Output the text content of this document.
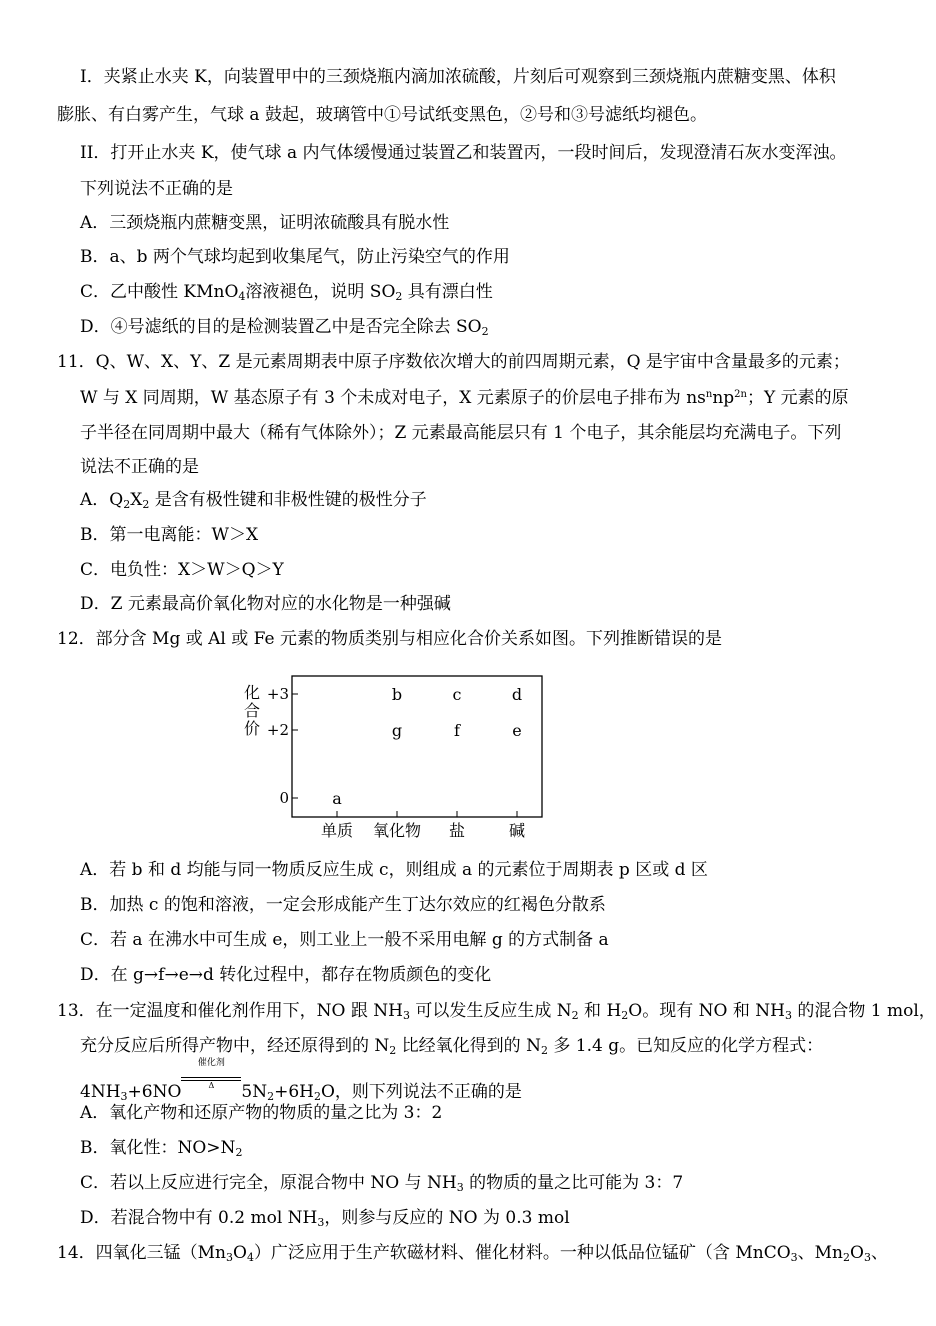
I．夹紧止水夹 K，向装置甲中的三颈烧瓶内滴加浓硫酸，片刻后可观察到三颈烧瓶内蔗糖变黑、体积
膨胀、有白雾产生，气球 a 鼓起，玻璃管中①号试纸变黑色，②号和③号滤纸均褪色。
II．打开止水夹 K，使气球 a 内气体缓慢通过装置乙和装置丙，一段时间后，发现澄清石灰水变浑浊。
下列说法不正确的是
A．三颈烧瓶内蔗糖变黑，证明浓硫酸具有脱水性
B．a、b 两个气球均起到收集尾气，防止污染空气的作用
C．乙中酸性 KMnO$_4$溶液褪色，说明 $SO_2$ 具有漂白性
D．④号滤纸的目的是检测装置乙中是否完全除去 $SO_2$
11．Q、W、X、Y、Z 是元素周期表中原子序数依次增大的前四周期元素，Q 是宇宙中含量最多的元素；
W 与 X 同周期，W 基态原子有 3 个未成对电子，X 元素原子的价层电子排布为 $ns^nnp^{2n}$；Y 元素的原
子半径在同周期中最大（稀有气体除外）；Z 元素最高能层只有 1 个电子，其余能层均充满电子。下列
说法不正确的是
A．$Q_2X_2$ 是含有极性键和非极性键的极性分子
B．第一电离能：W＞X
C．电负性：X＞W＞Q＞Y
D．Z 元素最高价氧化物对应的水化物是一种强碱
12．部分含 Mg 或 Al 或 Fe 元素的物质类别与相应化合价关系如图。下列推断错误的是
化
合
价
+3
+2
0
单质 氧化物 盐	碱
a
b	c	d
g	f	e
A．若 b 和 d 均能与同一物质反应生成 c，则组成 a 的元素位于周期表 p 区或 d 区
B．加热 c 的饱和溶液，一定会形成能产生丁达尔效应的红褐色分散系
C．若 a 在沸水中可生成 e，则工业上一般不采用电解 g 的方式制备 a
D．在 g→f→e→d 转化过程中，都存在物质颜色的变化
13．在一定温度和催化剂作用下，NO 跟 $NH_3$ 可以发生反应生成 $N_2$ 和 $H_2O$。现有 NO 和 $NH_3$ 的混合物 1 mol，
充分反应后所得产物中，经还原得到的 $N_2$ 比经氧化得到的 $N_2$ 多 1.4 g。已知反应的化学方程式：
$4NH_3+6NO$
催化剂
Δ	$5N_2+6H_2O$，则下列说法不正确的是
A．氧化产物和还原产物的物质的量之比为 3：2
B．氧化性：$NO>N_2$
C．若以上反应进行完全，原混合物中 NO 与 $NH_3$ 的物质的量之比可能为 3：7
D．若混合物中有 0.2 mol $NH_3$，则参与反应的 NO 为 0.3 mol
14．四氧化三锰$(Mn_3O_4)$广泛应用于生产软磁材料、催化材料。一种以低品位锰矿（含 MnCO$_3$、$Mn_2O_3$、
